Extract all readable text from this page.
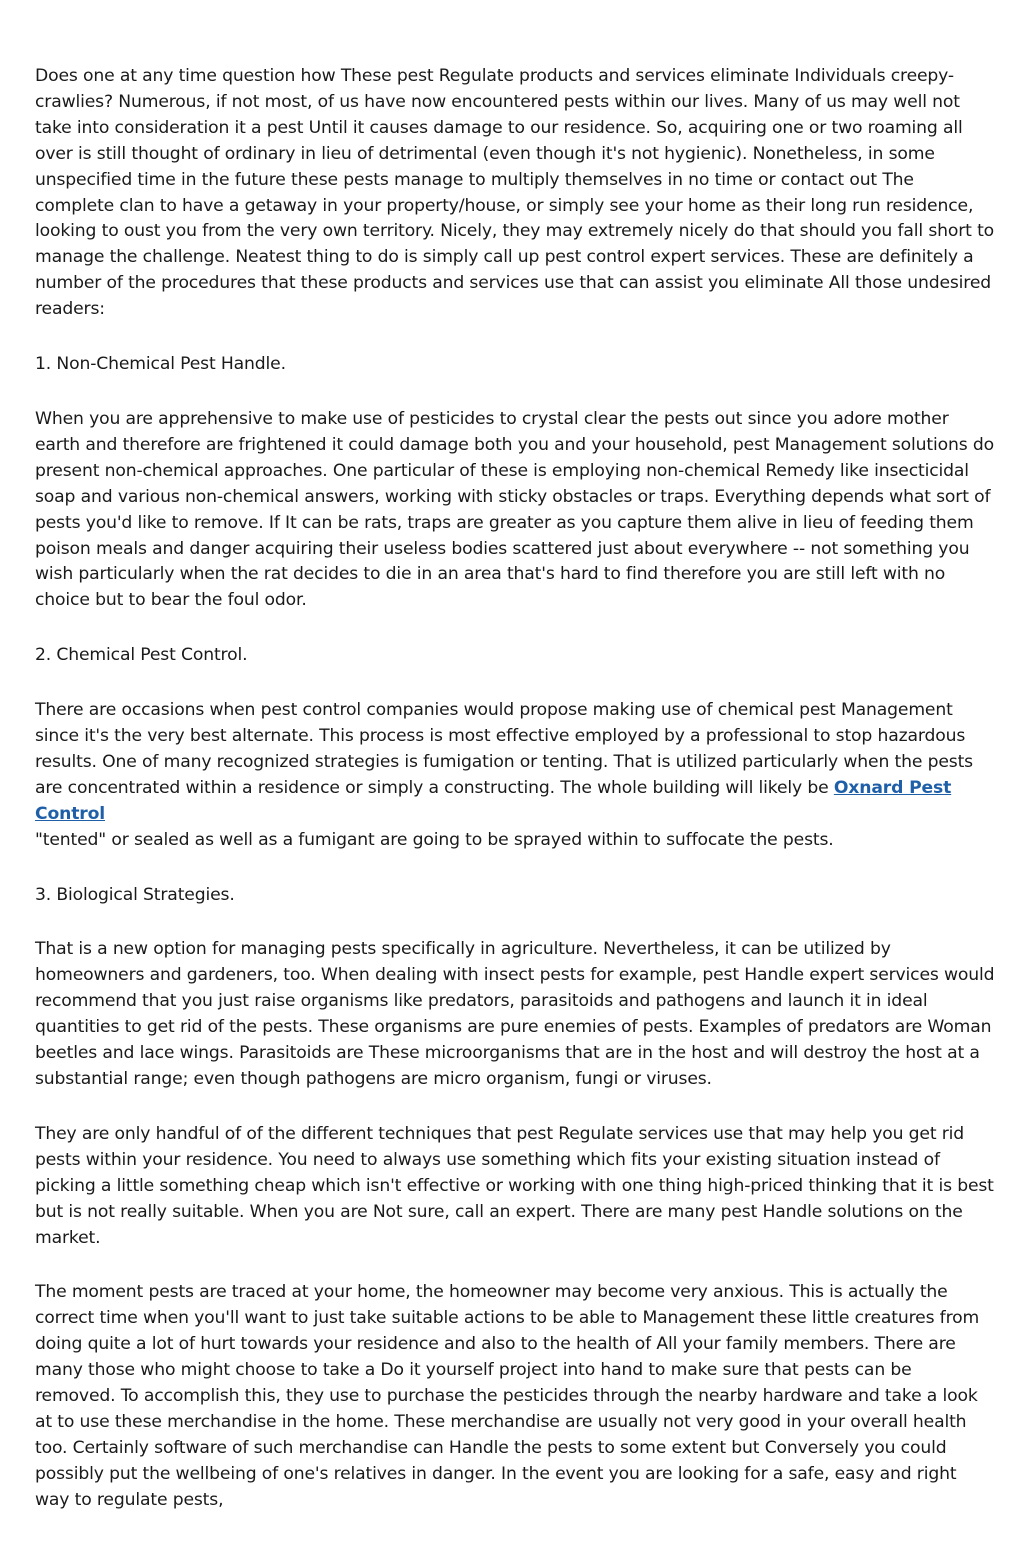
Does one at any time question how These pest Regulate products and services eliminate Individuals creepy-crawlies? Numerous, if not most, of us have now encountered pests within our lives. Many of us may well not take into consideration it a pest Until it causes damage to our residence. So, acquiring one or two roaming all over is still thought of ordinary in lieu of detrimental (even though it's not hygienic). Nonetheless, in some unspecified time in the future these pests manage to multiply themselves in no time or contact out The complete clan to have a getaway in your property/house, or simply see your home as their long run residence, looking to oust you from the very own territory. Nicely, they may extremely nicely do that should you fall short to manage the challenge. Neatest thing to do is simply call up pest control expert services. These are definitely a number of the procedures that these products and services use that can assist you eliminate All those undesired readers:

1. Non-Chemical Pest Handle.

When you are apprehensive to make use of pesticides to crystal clear the pests out since you adore mother earth and therefore are frightened it could damage both you and your household, pest Management solutions do present non-chemical approaches. One particular of these is employing non-chemical Remedy like insecticidal soap and various non-chemical answers, working with sticky obstacles or traps. Everything depends what sort of pests you'd like to remove. If It can be rats, traps are greater as you capture them alive in lieu of feeding them poison meals and danger acquiring their useless bodies scattered just about everywhere -- not something you wish particularly when the rat decides to die in an area that's hard to find therefore you are still left with no choice but to bear the foul odor.

2. Chemical Pest Control.

There are occasions when pest control companies would propose making use of chemical pest Management since it's the very best alternate. This process is most effective employed by a professional to stop hazardous results. One of many recognized strategies is fumigation or tenting. That is utilized particularly when the pests are concentrated within a residence or simply a constructing. The whole building will likely be Oxnard Pest Control
"tented" or sealed as well as a fumigant are going to be sprayed within to suffocate the pests.

3. Biological Strategies.

That is a new option for managing pests specifically in agriculture. Nevertheless, it can be utilized by homeowners and gardeners, too. When dealing with insect pests for example, pest Handle expert services would recommend that you just raise organisms like predators, parasitoids and pathogens and launch it in ideal quantities to get rid of the pests. These organisms are pure enemies of pests. Examples of predators are Woman beetles and lace wings. Parasitoids are These microorganisms that are in the host and will destroy the host at a substantial range; even though pathogens are micro organism, fungi or viruses.

They are only handful of of the different techniques that pest Regulate services use that may help you get rid pests within your residence. You need to always use something which fits your existing situation instead of picking a little something cheap which isn't effective or working with one thing high-priced thinking that it is best but is not really suitable. When you are Not sure, call an expert. There are many pest Handle solutions on the market.

The moment pests are traced at your home, the homeowner may become very anxious. This is actually the correct time when you'll want to just take suitable actions to be able to Management these little creatures from doing quite a lot of hurt towards your residence and also to the health of All your family members. There are many those who might choose to take a Do it yourself project into hand to make sure that pests can be removed. To accomplish this, they use to purchase the pesticides through the nearby hardware and take a look at to use these merchandise in the home. These merchandise are usually not very good in your overall health too. Certainly software of such merchandise can Handle the pests to some extent but Conversely you could possibly put the wellbeing of one's relatives in danger. In the event you are looking for a safe, easy and right way to regulate pests,
